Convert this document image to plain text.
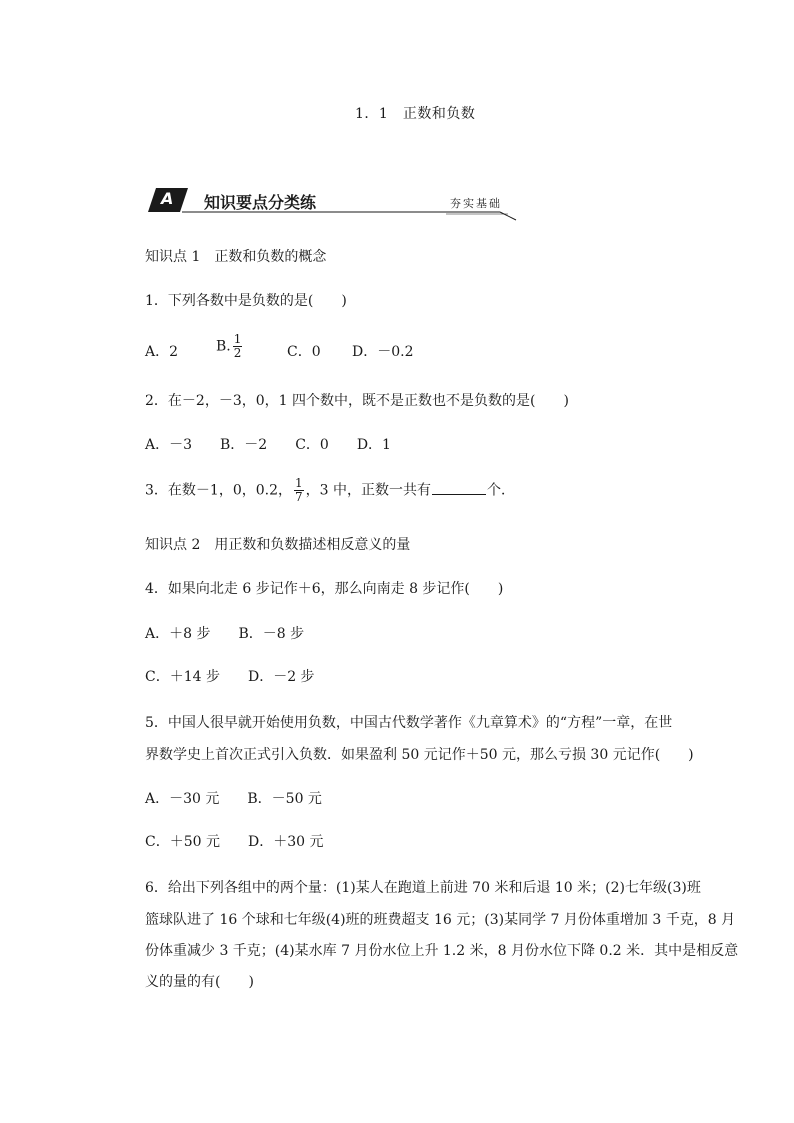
1．1　正数和负数
A 知识要点分类练	夯实基础
知识点 1　正数和负数的概念
1．下列各数中是负数的是(　　)
A．2	B. $\frac{1}{2}$	C．0 D．－0.2
2．在－2，－3，0，1 四个数中，既不是正数也不是负数的是(　　)
A．－3　　B．－2　　C．0　　D．1
3．在数－1，0，0.2， $\frac{1}{7}$ ，3 中，正数一共有	个．
知识点 2　用正数和负数描述相反意义的量
4．如果向北走 6 步记作＋6，那么向南走 8 步记作(　　)
A．＋8 步　　B．－8 步
C．＋14 步　　D．－2 步
5．中国人很早就开始使用负数，中国古代数学著作《九章算术》的“方程”一章，在世
界数学史上首次正式引入负数．如果盈利 50 元记作＋50 元，那么亏损 30 元记作(　　)
A．－30 元　　B．－50 元
C．＋50 元　　D．＋30 元
6．给出下列各组中的两个量：(1)某人在跑道上前进 70 米和后退 10 米；(2)七年级(3)班
篮球队进了 16 个球和七年级(4)班的班费超支 16 元；(3)某同学 7 月份体重增加 3 千克，8 月
份体重减少 3 千克；(4)某水库 7 月份水位上升 1.2 米，8 月份水位下降 0.2 米．其中是相反意
义的量的有(　　)
